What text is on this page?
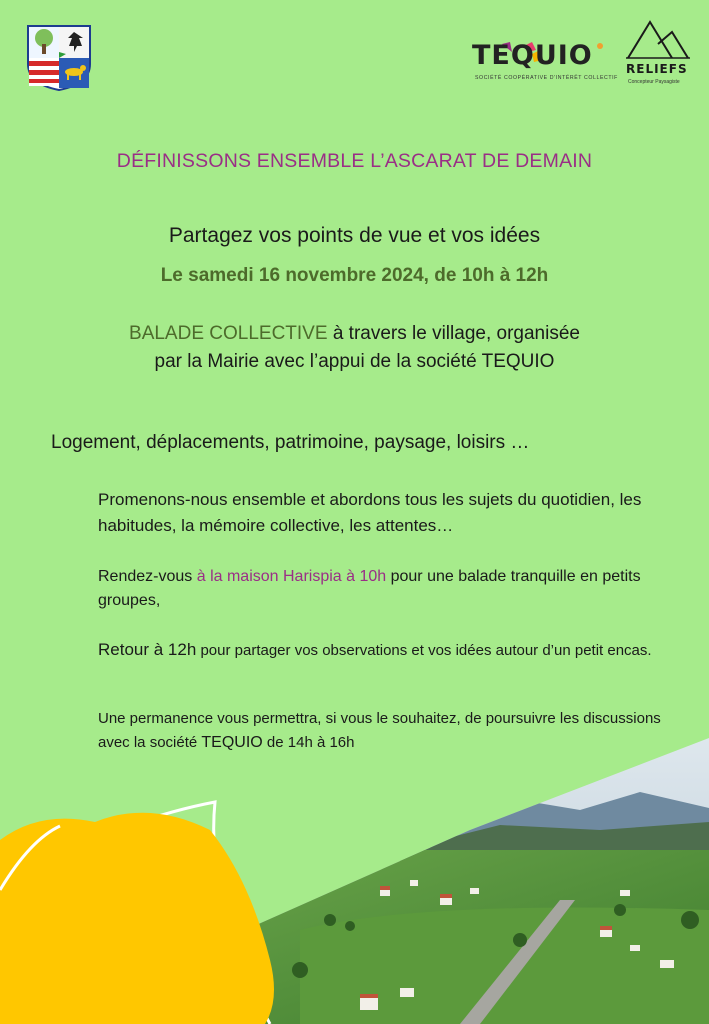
TEQUIO
SOCIÉTÉ COOPÉRATIVE D'INTÉRÊT COLLECTIF
RELIEFS
Concepteur Paysagiste
DÉFINISSONS ENSEMBLE L’ASCARAT DE DEMAIN
Partagez vos points de vue et vos idées
Le samedi 16 novembre 2024, de 10h à 12h
BALADE COLLECTIVE à travers le village, organisée
par la Mairie avec l’appui de la société TEQUIO
Logement, déplacements, patrimoine, paysage, loisirs …
Promenons-nous ensemble et abordons tous les sujets du quotidien, les habitudes, la mémoire collective, les attentes…
Rendez-vous à la maison Harispia à 10h pour une balade tranquille en petits groupes,
Retour à 12h pour partager vos observations et vos idées autour d’un petit encas.
Une permanence vous permettra, si vous le souhaitez, de poursuivre les discussions avec la société TEQUIO de 14h à 16h
